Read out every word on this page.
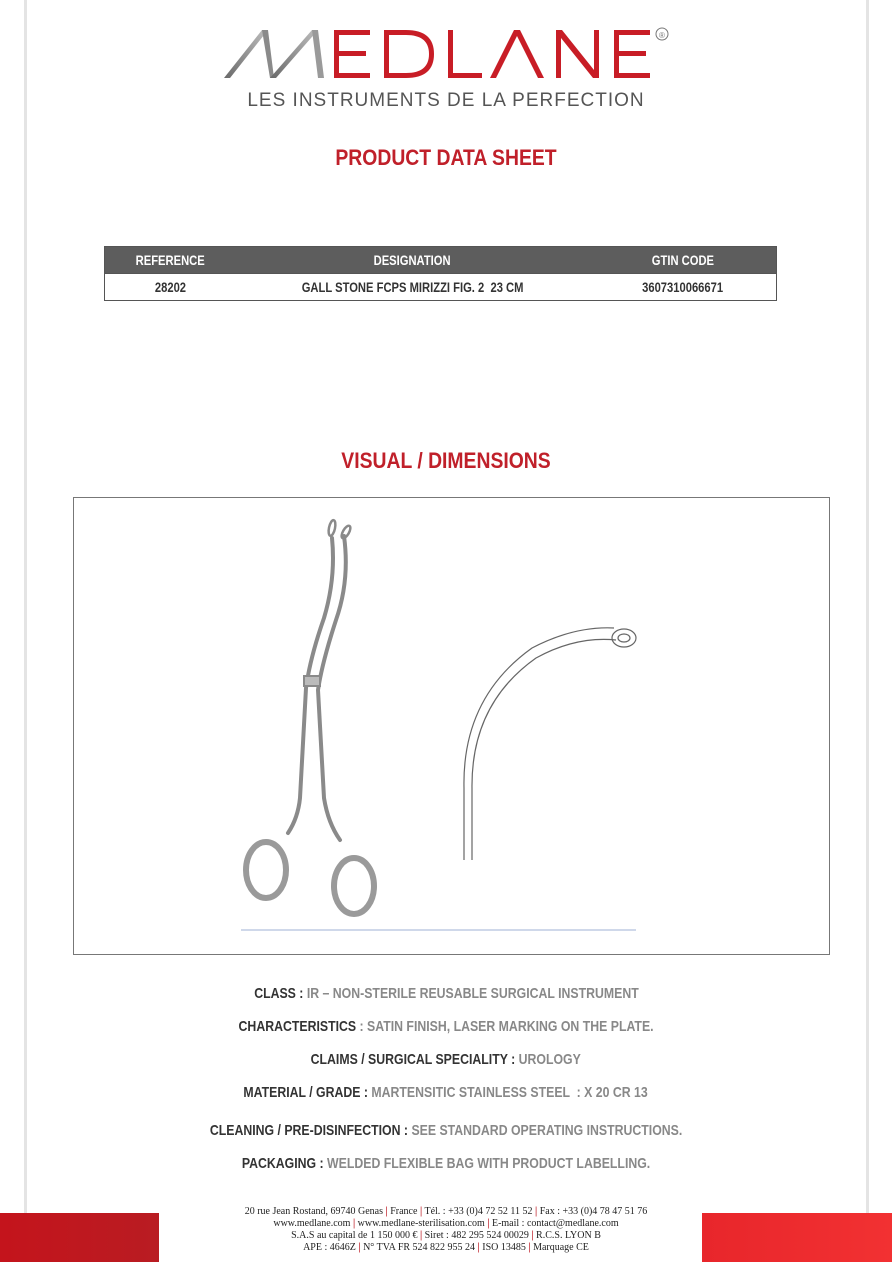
®
LES INSTRUMENTS DE LA PERFECTION
PRODUCT DATA SHEET
REFERENCE	DESIGNATION	GTIN CODE
28202	GALL STONE FCPS MIRIZZI FIG. 2  23 CM	3607310066671
VISUAL / DIMENSIONS
CLASS : IR – NON-STERILE REUSABLE SURGICAL INSTRUMENT
CHARACTERISTICS : SATIN FINISH, LASER MARKING ON THE PLATE.
CLAIMS / SURGICAL SPECIALITY : UROLOGY
MATERIAL / GRADE : MARTENSITIC STAINLESS STEEL  : X 20 CR 13
CLEANING / PRE-DISINFECTION : SEE STANDARD OPERATING INSTRUCTIONS.
PACKAGING : WELDED FLEXIBLE BAG WITH PRODUCT LABELLING.
20 rue Jean Rostand, 69740 Genas | France | Tél. : +33 (0)4 72 52 11 52 | Fax : +33 (0)4 78 47 51 76
www.medlane.com | www.medlane-sterilisation.com | E-mail : contact@medlane.com
S.A.S au capital de 1 150 000 € | Siret : 482 295 524 00029 | R.C.S. LYON B
APE : 4646Z | N° TVA FR 524 822 955 24 | ISO 13485 | Marquage CE
